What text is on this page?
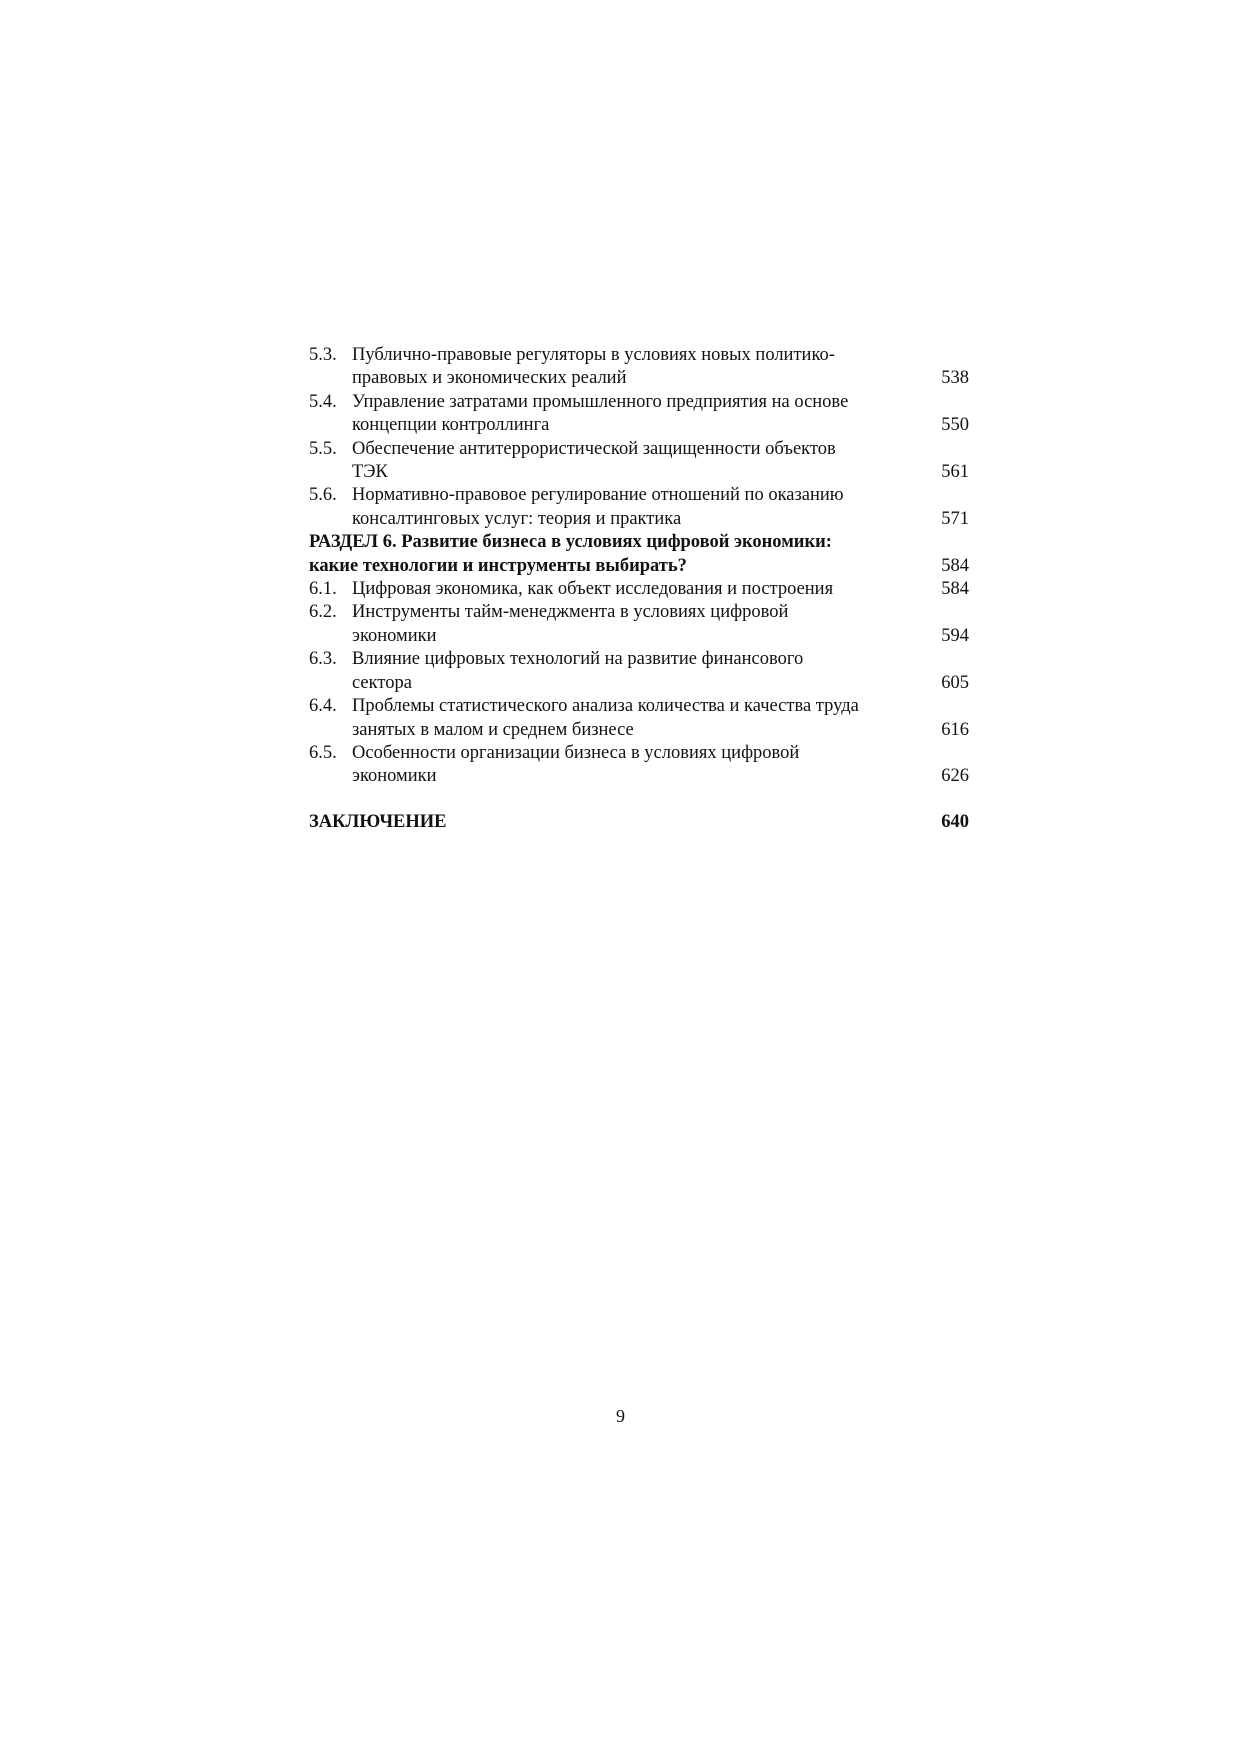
5.3. Публично-правовые регуляторы в условиях новых политико-
правовых и экономических реалий	538
5.4. Управление затратами промышленного предприятия на основе
концепции контроллинга	550
5.5. Обеспечение антитеррористической защищенности объектов
ТЭК	561
5.6. Нормативно-правовое регулирование отношений по оказанию
консалтинговых услуг: теория и практика	571
РАЗДЕЛ 6. Развитие бизнеса в условиях цифровой экономики:
какие технологии и инструменты выбирать?	584
6.1. Цифровая экономика, как объект исследования и построения	584
6.2. Инструменты тайм-менеджмента в условиях цифровой
экономики	594
6.3. Влияние цифровых технологий на развитие финансового
сектора	605
6.4. Проблемы статистического анализа количества и качества труда
занятых в малом и среднем бизнесе	616
6.5. Особенности организации бизнеса в условиях цифровой
экономики	626
ЗАКЛЮЧЕНИЕ	640
9
